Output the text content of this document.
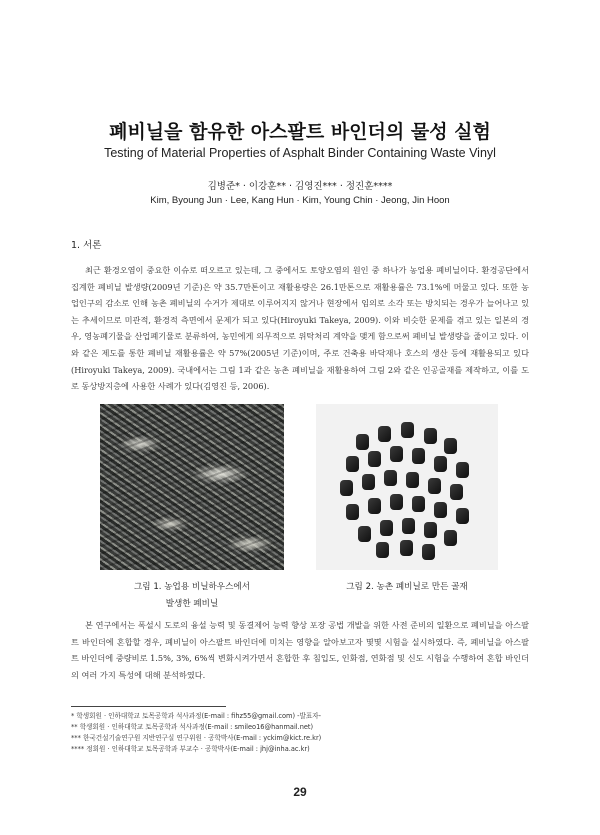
폐비닐을 함유한 아스팔트 바인더의 물성 실험
Testing of Material Properties of Asphalt Binder Containing Waste Vinyl
김병준* · 이강훈** · 김영진*** · 정진훈****
Kim, Byoung Jun · Lee, Kang Hun · Kim, Young Chin · Jeong, Jin Hoon
1. 서론

최근 환경오염이 중요한 이슈로 떠오르고 있는데, 그 중에서도 토양오염의 원인 중 하나가 농업용 폐비닐이다. 환경공단에서 집계한 폐비닐 발생량(2009년 기준)은 약 35.7만톤이고 재활용량은 26.1만톤으로 재활용률은 73.1%에 머물고 있다. 또한 농업인구의 감소로 인해 농촌 폐비닐의 수거가 제대로 이루어지지 않거나 현장에서 임의로 소각 또는 방치되는 경우가 늘어나고 있는 추세이므로 미관적, 환경적 측면에서 문제가 되고 있다(Hiroyuki Takeya, 2009). 이와 비슷한 문제를 겪고 있는 일본의 경우, 영농폐기물을 산업폐기물로 분류하여, 농민에게 의무적으로 위탁처리 계약을 맺게 함으로써 폐비닐 발생량을 줄이고 있다. 이와 같은 제도를 통한 폐비닐 재활용률은 약 57%(2005년 기준)이며, 주로 건축용 바닥재나 호스의 생산 등에 재활용되고 있다(Hiroyuki Takeya, 2009). 국내에서는 그림 1과 같은 농촌 폐비닐을 재활용하여 그림 2와 같은 인공골재를 제작하고, 이를 도로 동상방지층에 사용한 사례가 있다(김영진 등, 2006).

그림 1. 농업용 비닐하우스에서
발생한 폐비닐
그림 2. 농촌 폐비닐로 만든 골재

본 연구에서는 폭설시 도로의 융설 능력 및 동결제어 능력 향상 포장 공법 개발을 위한 사전 준비의 일환으로 폐비닐을 아스팔트 바인더에 혼합할 경우, 폐비닐이 아스팔트 바인더에 미치는 영향을 알아보고자 몇몇 시험을 실시하였다. 즉, 폐비닐을 아스팔트 바인더에 중량비로 1.5%, 3%, 6%씩 변화시켜가면서 혼합한 후 침입도, 인화점, 연화점 및 신도 시험을 수행하여 혼합 바인더의 여러 가지 특성에 대해 분석하였다.

* 학생회원 · 인하대학교 토목공학과 석사과정(E-mail : fihz55@gmail.com) -발표자-
** 학생회원 · 인하대학교 토목공학과 석사과정(E-mail : smileo16@hanmail.net)
*** 한국건설기술연구원 지반연구실 연구위원 · 공학박사(E-mail : yckim@kict.re.kr)
**** 정회원 · 인하대학교 토목공학과 부교수 · 공학박사(E-mail : jhj@inha.ac.kr)
29
